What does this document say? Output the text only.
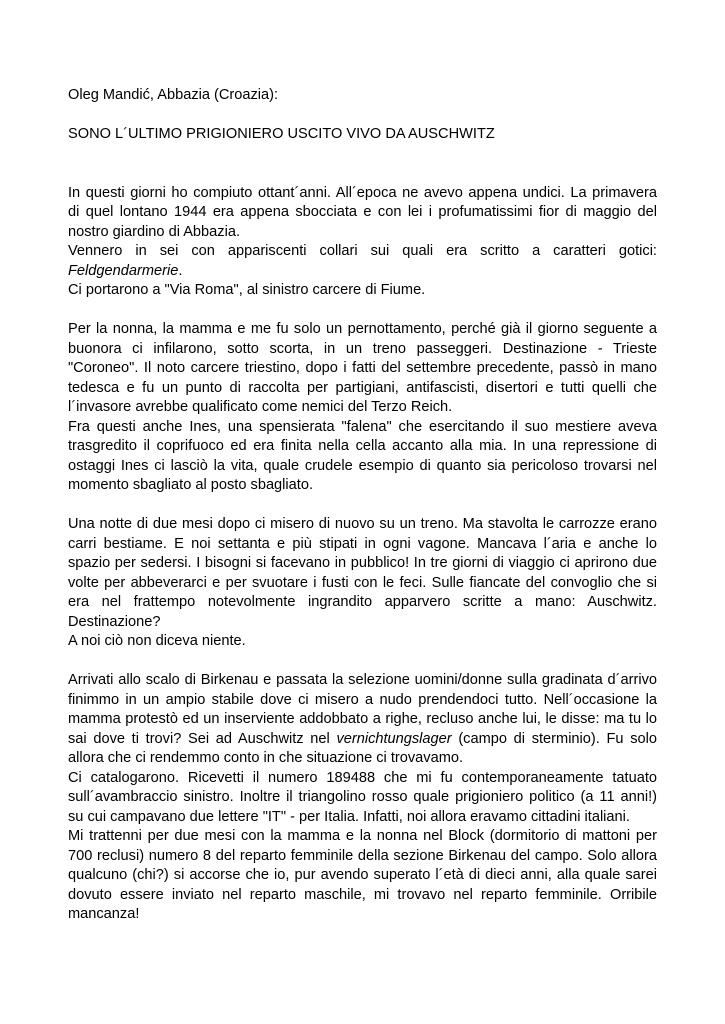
Oleg Mandić, Abbazia (Croazia):
SONO L´ULTIMO PRIGIONIERO USCITO VIVO DA AUSCHWITZ
In questi giorni ho compiuto ottant´anni. All´epoca ne avevo appena undici. La primavera
di quel lontano 1944 era appena sbocciata e con lei i profumatissimi fior di maggio del
nostro giardino di Abbazia.
Vennero in sei con appariscenti collari sui quali era scritto a caratteri gotici:
Feldgendarmerie.
Ci portarono a "Via Roma", al sinistro carcere di Fiume.
Per la nonna, la mamma e me fu solo un pernottamento, perché già il giorno seguente a
buonora ci infilarono, sotto scorta, in un treno passeggeri. Destinazione - Trieste
"Coroneo". Il noto carcere triestino, dopo i fatti del settembre precedente, passò in mano
tedesca e fu un punto di raccolta per partigiani, antifascisti, disertori e tutti quelli che
l´invasore avrebbe qualificato come nemici del Terzo Reich.
Fra questi anche Ines, una spensierata "falena" che esercitando il suo mestiere aveva
trasgredito il coprifuoco ed era finita nella cella accanto alla mia. In una repressione di
ostaggi Ines ci lasciò la vita, quale crudele esempio di quanto sia pericoloso trovarsi nel
momento sbagliato al posto sbagliato.
Una notte di due mesi dopo ci misero di nuovo su un treno. Ma stavolta le carrozze erano
carri bestiame. E noi settanta e più stipati in ogni vagone. Mancava l´aria e anche lo
spazio per sedersi. I bisogni si facevano in pubblico! In tre giorni di viaggio ci aprirono due
volte per abbeverarci e per svuotare i fusti con le feci. Sulle fiancate del convoglio che si
era nel frattempo notevolmente ingrandito apparvero scritte a mano: Auschwitz.
Destinazione?
A noi ciò non diceva niente.
Arrivati allo scalo di Birkenau e passata la selezione uomini/donne sulla gradinata d´arrivo
finimmo in un ampio stabile dove ci misero a nudo prendendoci tutto. Nell´occasione la
mamma protestò ed un inserviente addobbato a righe, recluso anche lui, le disse: ma tu lo
sai dove ti trovi? Sei ad Auschwitz nel vernichtungslager (campo di sterminio). Fu solo
allora che ci rendemmo conto in che situazione ci trovavamo.
Ci catalogarono. Ricevetti il numero 189488 che mi fu contemporaneamente tatuato
sull´avambraccio sinistro. Inoltre il triangolino rosso quale prigioniero politico (a 11 anni!)
su cui campavano due lettere "IT" - per Italia. Infatti, noi allora eravamo cittadini italiani.
Mi trattenni per due mesi con la mamma e la nonna nel Block (dormitorio di mattoni per
700 reclusi) numero 8 del reparto femminile della sezione Birkenau del campo. Solo allora
qualcuno (chi?) si accorse che io, pur avendo superato l´età di dieci anni, alla quale sarei
dovuto essere inviato nel reparto maschile, mi trovavo nel reparto femminile. Orribile
mancanza!
